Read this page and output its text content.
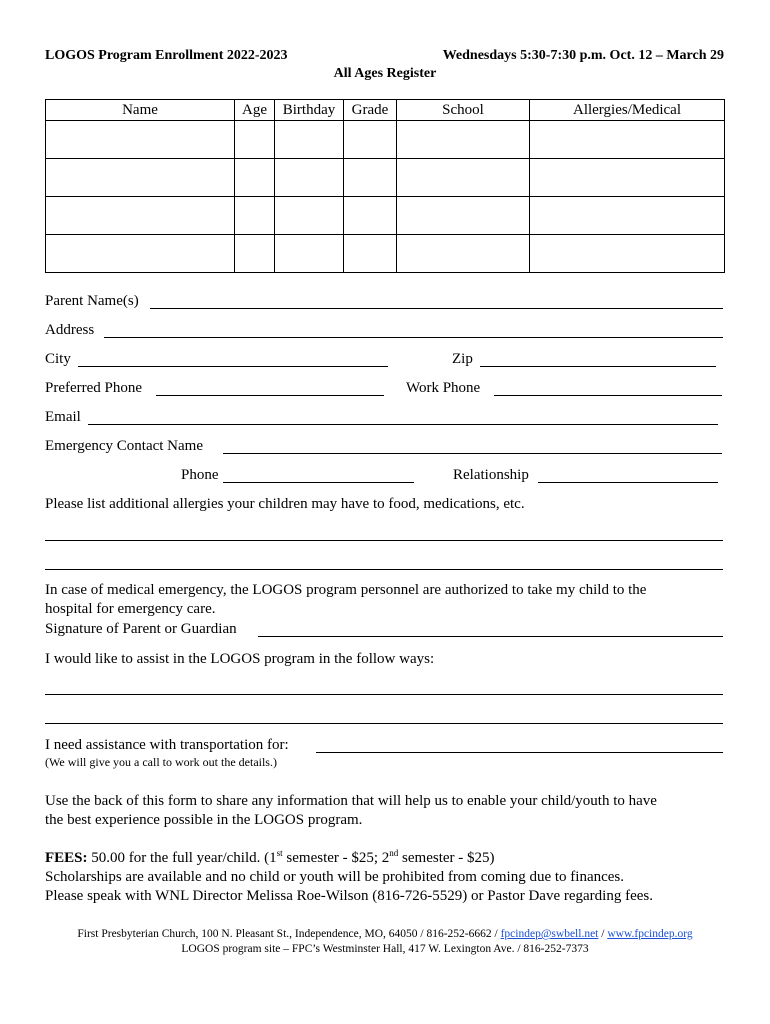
LOGOS Program Enrollment 2022-2023	Wednesdays 5:30-7:30 p.m. Oct. 12 – March 29
All Ages Register
Name	Age	Birthday	Grade	School	Allergies/Medical

Parent Name(s)
Address
City	Zip
Preferred Phone	Work Phone
Email
Emergency Contact Name
Phone	Relationship
Please list additional allergies your children may have to food, medications, etc.
In case of medical emergency, the LOGOS program personnel are authorized to take my child to the
hospital for emergency care.
Signature of Parent or Guardian
I would like to assist in the LOGOS program in the follow ways:
I need assistance with transportation for:
(We will give you a call to work out the details.)
Use the back of this form to share any information that will help us to enable your child/youth to have
the best experience possible in the LOGOS program.
FEES: 50.00 for the full year/child. (1st semester - $25; 2nd semester - $25)
Scholarships are available and no child or youth will be prohibited from coming due to finances.
Please speak with WNL Director Melissa Roe-Wilson (816-726-5529) or Pastor Dave regarding fees.
First Presbyterian Church, 100 N. Pleasant St., Independence, MO, 64050 / 816-252-6662 / fpcindep@swbell.net / www.fpcindep.org
LOGOS program site – FPC’s Westminster Hall, 417 W. Lexington Ave. / 816-252-7373
